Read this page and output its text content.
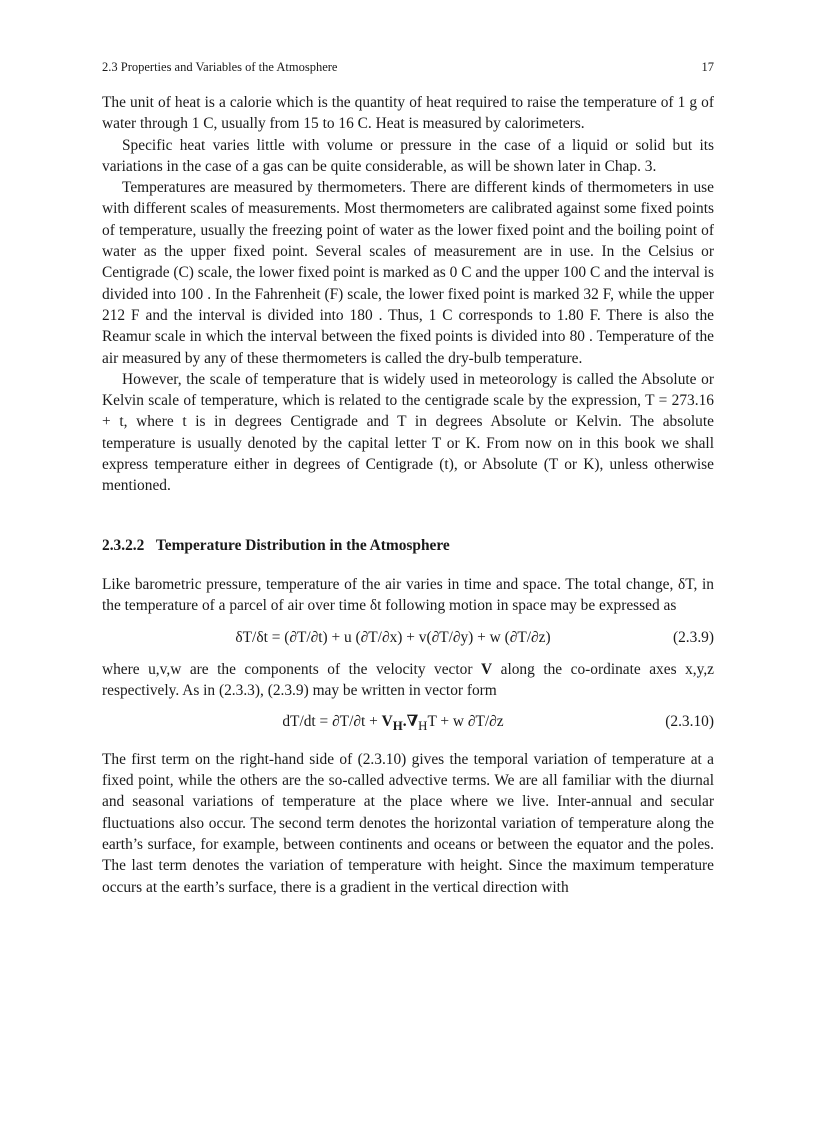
2.3 Properties and Variables of the Atmosphere	17

The unit of heat is a calorie which is the quantity of heat required to raise the temperature of 1 g of water through 1 C, usually from 15 to 16 C. Heat is measured by calorimeters.

Specific heat varies little with volume or pressure in the case of a liquid or solid but its variations in the case of a gas can be quite considerable, as will be shown later in Chap. 3.

Temperatures are measured by thermometers. There are different kinds of thermometers in use with different scales of measurements. Most thermometers are calibrated against some fixed points of temperature, usually the freezing point of water as the lower fixed point and the boiling point of water as the upper fixed point. Several scales of measurement are in use. In the Celsius or Centigrade (C) scale, the lower fixed point is marked as 0 C and the upper 100 C and the interval is divided into 100 . In the Fahrenheit (F) scale, the lower fixed point is marked 32 F, while the upper 212 F and the interval is divided into 180 . Thus, 1 C corresponds to 1.80 F. There is also the Reamur scale in which the interval between the fixed points is divided into 80 . Temperature of the air measured by any of these thermometers is called the dry-bulb temperature.

However, the scale of temperature that is widely used in meteorology is called the Absolute or Kelvin scale of temperature, which is related to the centigrade scale by the expression, T = 273.16 + t, where t is in degrees Centigrade and T in degrees Absolute or Kelvin. The absolute temperature is usually denoted by the capital letter T or K. From now on in this book we shall express temperature either in degrees of Centigrade (t), or Absolute (T or K), unless otherwise mentioned.

2.3.2.2 Temperature Distribution in the Atmosphere

Like barometric pressure, temperature of the air varies in time and space. The total change, δT, in the temperature of a parcel of air over time δt following motion in space may be expressed as

δT/δt = (∂T/∂t) + u (∂T/∂x) + v(∂T/∂y) + w (∂T/∂z)	(2.3.9)

where u,v,w are the components of the velocity vector V along the co-ordinate axes x,y,z respectively. As in (2.3.3), (2.3.9) may be written in vector form

$dT/dt = \partial T/\partial t + V_H.\nabla_HT + w$ ∂T/∂z	(2.3.10)

The first term on the right-hand side of (2.3.10) gives the temporal variation of temperature at a fixed point, while the others are the so-called advective terms. We are all familiar with the diurnal and seasonal variations of temperature at the place where we live. Inter-annual and secular fluctuations also occur. The second term denotes the horizontal variation of temperature along the earth’s surface, for example, between continents and oceans or between the equator and the poles. The last term denotes the variation of temperature with height. Since the maximum temperature occurs at the earth’s surface, there is a gradient in the vertical direction with
